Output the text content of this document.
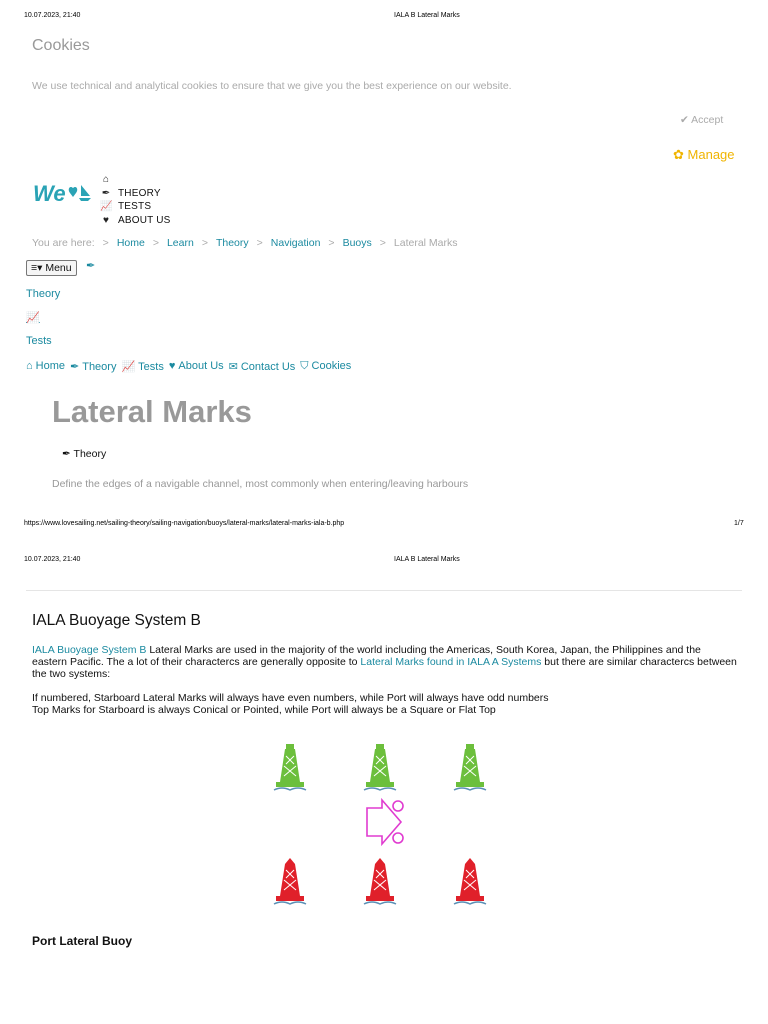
10.07.2023, 21:40	IALA B Lateral Marks
Cookies
We use technical and analytical cookies to ensure that we give you the best experience on our website.
✔ Accept
✿ Manage
We
⌂
✒ THEORY
📈 TESTS
♥ ABOUT US
You are here: > Home > Learn > Theory > Navigation > Buoys > Lateral Marks
≡▾ Menu	✒
Theory
📈
Tests
⌂ Home ✒ Theory 📈 Tests ♥ About Us ✉ Contact Us ⛉ Cookies
Lateral Marks
✒ Theory
Define the edges of a navigable channel, most commonly when entering/leaving harbours
https://www.lovesailing.net/sailing-theory/sailing-navigation/buoys/lateral-marks/lateral-marks-iala-b.php	1/7
10.07.2023, 21:40	IALA B Lateral Marks
IALA Buoyage System B
IALA Buoyage System B Lateral Marks are used in the majority of the world including the Americas, South Korea, Japan, the Philippines and the eastern Pacific. The a lot of their charactercs are generally opposite to Lateral Marks found in IALA A Systems but there are similar charactercs between the two systems:
If numbered, Starboard Lateral Marks will always have even numbers, while Port will always have odd numbers
Top Marks for Starboard is always Conical or Pointed, while Port will always be a Square or Flat Top
Port Lateral Buoy
